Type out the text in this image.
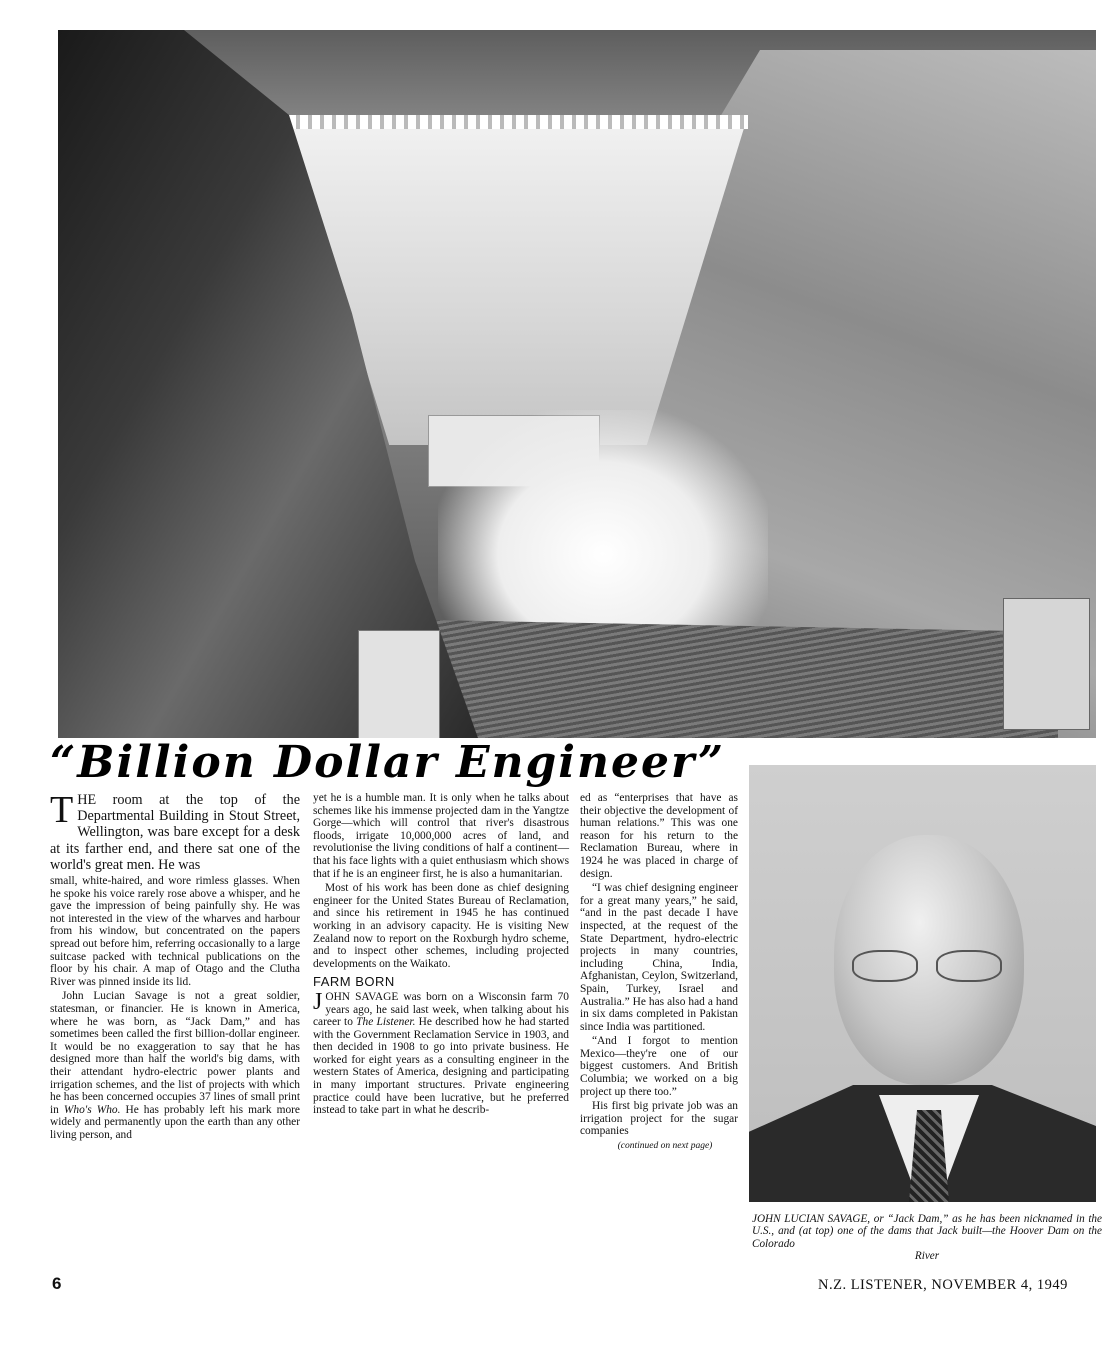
“Billion Dollar Engineer”

THE room at the top of the Departmental Building in Stout Street, Wellington, was bare except for a desk at its farther end, and there sat one of the world's great men. He was

small, white-haired, and wore rimless glasses. When he spoke his voice rarely rose above a whisper, and he gave the impression of being painfully shy. He was not interested in the view of the wharves and harbour from his window, but concentrated on the papers spread out before him, referring occasionally to a large suitcase packed with technical publications on the floor by his chair. A map of Otago and the Clutha River was pinned inside its lid.

John Lucian Savage is not a great soldier, statesman, or financier. He is known in America, where he was born, as “Jack Dam,” and has sometimes been called the first billion-dollar engineer. It would be no exaggeration to say that he has designed more than half the world's big dams, with their attendant hydro-electric power plants and irrigation schemes, and the list of projects with which he has been concerned occupies 37 lines of small print in Who's Who. He has probably left his mark more widely and permanently upon the earth than any other living person, and

yet he is a humble man. It is only when he talks about schemes like his immense projected dam in the Yangtze Gorge—which will control that river's disastrous floods, irrigate 10,000,000 acres of land, and revolutionise the living conditions of half a continent—that his face lights with a quiet enthusiasm which shows that if he is an engineer first, he is also a humanitarian.

Most of his work has been done as chief designing engineer for the United States Bureau of Reclamation, and since his retirement in 1945 he has continued working in an advisory capacity. He is visiting New Zealand now to report on the Roxburgh hydro scheme, and to inspect other schemes, including projected developments on the Waikato.

FARM BORN

JOHN SAVAGE was born on a Wisconsin farm 70 years ago, he said last week, when talking about his career to The Listener. He described how he had started with the Government Reclamation Service in 1903, and then decided in 1908 to go into private business. He worked for eight years as a consulting engineer in the western States of America, designing and participating in many important structures. Private engineering practice could have been lucrative, but he preferred instead to take part in what he describ-

ed as “enterprises that have as their objective the development of human relations.” This was one reason for his return to the Reclamation Bureau, where in 1924 he was placed in charge of design.

“I was chief designing engineer for a great many years,” he said, “and in the past decade I have inspected, at the request of the State Department, hydro-electric projects in many countries, including China, India, Afghanistan, Ceylon, Switzerland, Spain, Turkey, Israel and Australia.” He has also had a hand in six dams completed in Pakistan since India was partitioned.

“And I forgot to mention Mexico—they're one of our biggest customers. And British Columbia; we worked on a big project up there too.”

His first big private job was an irrigation project for the sugar companies

(continued on next page)

JOHN LUCIAN SAVAGE, or “Jack Dam,” as he has been nicknamed in the U.S., and (at top) one of the dams that Jack built—the Hoover Dam on the Colorado
River

6	N.Z. LISTENER, NOVEMBER 4, 1949
